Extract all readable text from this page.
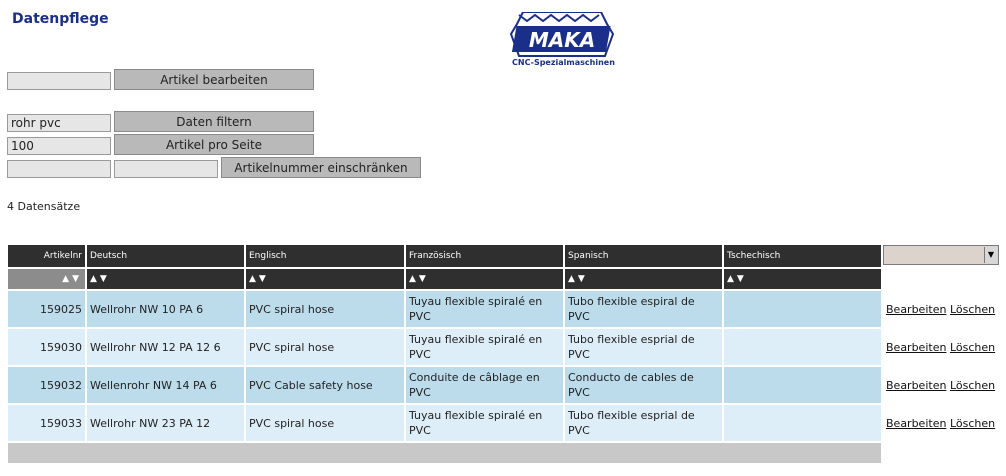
Datenpflege
MAKA
CNC-Spezialmaschinen
Artikel bearbeiten
rohr pvc
Daten filtern
100
Artikel pro Seite
Artikelnummer einschränken
4 Datensätze
Artikelnr	Deutsch	Englisch	Französisch	Spanisch	Tschechisch	▼

▲ ▼	▲ ▼	▲ ▼	▲ ▼	▲ ▼	▲ ▼	
159025	Wellrohr NW 10 PA 6	PVC spiral hose	Tuyau flexible spiralé en PVC	Tubo flexible espiral de PVC		Bearbeiten Löschen
159030	Wellrohr NW 12 PA 12 6	PVC spiral hose	Tuyau flexible spiralé en PVC	Tubo flexible esprial de PVC		Bearbeiten Löschen
159032	Wellenrohr NW 14 PA 6	PVC Cable safety hose	Conduite de câblage en PVC	Conducto de cables de PVC		Bearbeiten Löschen
159033	Wellrohr NW 23 PA 12	PVC spiral hose	Tuyau flexible spiralé en PVC	Tubo flexible esprial de PVC		Bearbeiten Löschen
